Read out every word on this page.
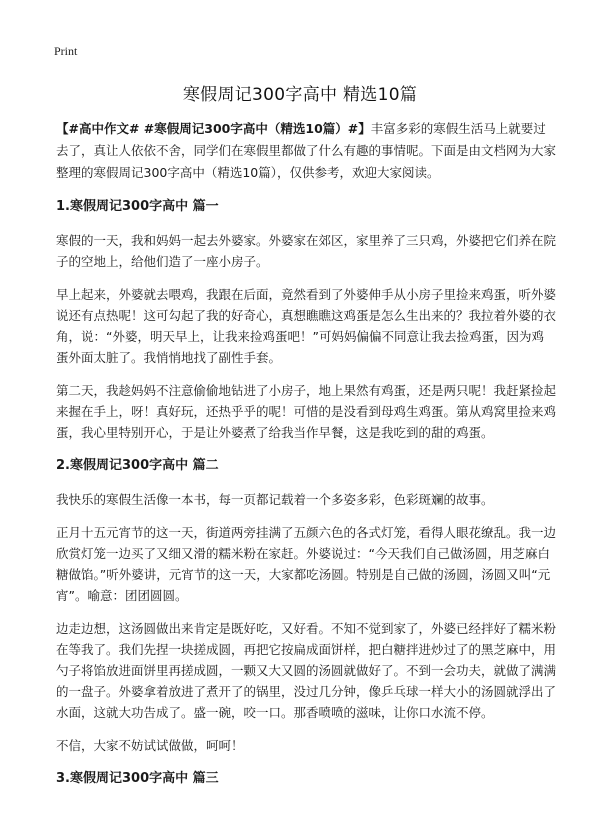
Print
寒假周记300字高中 精选10篇

【#高中作文# #寒假周记300字高中（精选10篇）#】丰富多彩的寒假生活马上就要过去了，真让人依依不舍，同学们在寒假里都做了什么有趣的事情呢。下面是由文档网为大家整理的寒假周记300字高中（精选10篇），仅供参考，欢迎大家阅读。

1.寒假周记300字高中 篇一

寒假的一天，我和妈妈一起去外婆家。外婆家在郊区，家里养了三只鸡，外婆把它们养在院子的空地上，给他们造了一座小房子。

早上起来，外婆就去喂鸡，我跟在后面，竟然看到了外婆伸手从小房子里捡来鸡蛋，听外婆说还有点热呢！这可勾起了我的好奇心，真想瞧瞧这鸡蛋是怎么生出来的？我拉着外婆的衣角，说：“外婆，明天早上，让我来捡鸡蛋吧！”可妈妈偏偏不同意让我去捡鸡蛋，因为鸡蛋外面太脏了。我悄悄地找了副性手套。

第二天，我趁妈妈不注意偷偷地钻进了小房子，地上果然有鸡蛋，还是两只呢！我赶紧捡起来握在手上，呀！真好玩，还热乎乎的呢！可惜的是没看到母鸡生鸡蛋。第从鸡窝里捡来鸡蛋，我心里特别开心，于是让外婆煮了给我当作早餐，这是我吃到的甜的鸡蛋。

2.寒假周记300字高中 篇二

我快乐的寒假生活像一本书，每一页都记载着一个多姿多彩，色彩斑斓的故事。

正月十五元宵节的这一天，街道两旁挂满了五颜六色的各式灯笼，看得人眼花缭乱。我一边欣赏灯笼一边买了又细又滑的糯米粉在家赶。外婆说过：“今天我们自己做汤圆，用芝麻白糖做馅。”听外婆讲，元宵节的这一天，大家都吃汤圆。特别是自己做的汤圆，汤圆又叫“元宵”。喻意：团团圆圆。

边走边想，这汤圆做出来肯定是既好吃，又好看。不知不觉到家了，外婆已经拌好了糯米粉在等我了。我们先捏一块搓成圆，再把它按扁成面饼样，把白糖拌进炒过了的黑芝麻中，用勺子将馅放进面饼里再搓成圆，一颗又大又圆的汤圆就做好了。不到一会功夫，就做了满满的一盘子。外婆拿着放进了煮开了的锅里，没过几分钟，像乒乓球一样大小的汤圆就浮出了水面，这就大功告成了。盛一碗，咬一口。那香喷喷的滋味，让你口水流不停。

不信，大家不妨试试做做，呵呵！

3.寒假周记300字高中 篇三
